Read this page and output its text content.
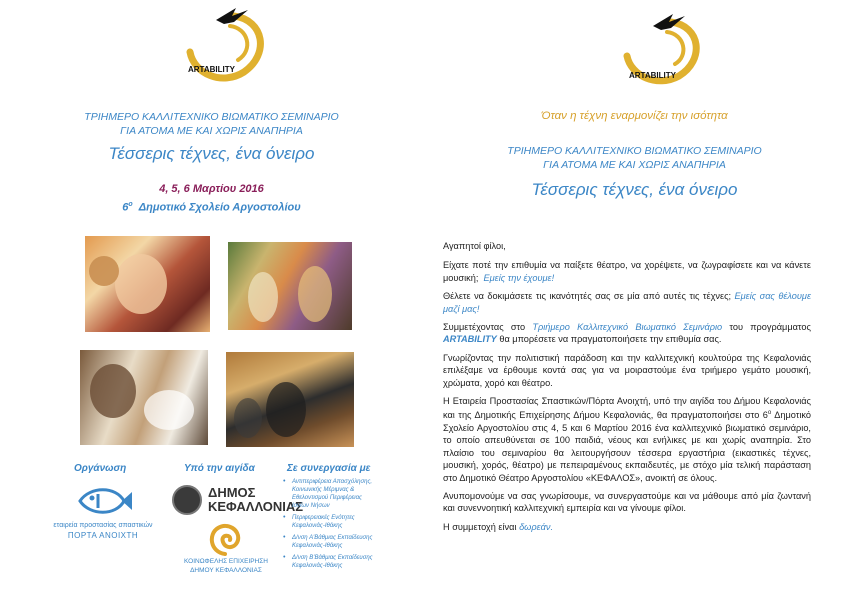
ARTABILITY
ΤΡΙΗΜΕΡΟ ΚΑΛΛΙΤΕΧΝΙΚΟ ΒΙΩΜΑΤΙΚΟ ΣΕΜΙΝΑΡΙΟ
ΓΙΑ ΑΤΟΜΑ ΜΕ ΚΑΙ ΧΩΡΙΣ ΑΝΑΠΗΡΙΑ
Τέσσερις τέχνες, ένα όνειρο
4, 5, 6 Μαρτίου 2016
$6^o$ Δημοτικό Σχολείο Αργοστολίου
Οργάνωση	Υπό την αιγίδα	Σε συνεργασία με
εταιρεία προστασίας σπαστικών
ΠΟΡΤΑ ΑΝΟΙΧΤΗ
ΔΗΜΟΣ
ΚΕΦΑΛΛΟΝΙΑΣ
ΚΟΙΝΩΦΕΛΗΣ ΕΠΙΧΕΙΡΗΣΗ
ΔΗΜΟΥ ΚΕΦΑΛΛΟΝΙΑΣ
• Αντιπεριφέρεια Απασχόλησης,
Κοινωνικής Μέριμνας &
Εθελοντισμού Περιφέρειας
Ιονίων Νήσων
• Περιφερειακές Ενότητες
Κεφαλονιάς-Ιθάκης
• Δ/νση Α'Βάθμιας Εκπαίδευσης
Κεφαλονιάς-Ιθάκης
• Δ/νση Β'Βάθμιας Εκπαίδευσης
Κεφαλονιάς-Ιθάκης
ARTABILITY
Όταν η τέχνη εναρμονίζει την ισότητα
ΤΡΙΗΜΕΡΟ ΚΑΛΛΙΤΕΧΝΙΚΟ ΒΙΩΜΑΤΙΚΟ ΣΕΜΙΝΑΡΙΟ
ΓΙΑ ΑΤΟΜΑ ΜΕ ΚΑΙ ΧΩΡΙΣ ΑΝΑΠΗΡΙΑ
Τέσσερις τέχνες, ένα όνειρο

Αγαπητοί φίλοι,

Είχατε ποτέ την επιθυμία να παίξετε θέατρο, να χορέψετε, να ζωγραφίσετε και να κάνετε μουσική; Εμείς την έχουμε!

Θέλετε να δοκιμάσετε τις ικανότητές σας σε μία από αυτές τις τέχνες; Εμείς σας θέλουμε μαζί μας!

Συμμετέχοντας στο Τριήμερο Καλλιτεχνικό Βιωματικό Σεμινάριο του προγράμματος ARTABILITY θα μπορέσετε να πραγματοποιήσετε την επιθυμία σας.

Γνωρίζοντας την πολιτιστική παράδοση και την καλλιτεχνική κουλτούρα της Κεφαλονιάς επιλέξαμε να έρθουμε κοντά σας για να μοιραστούμε ένα τριήμερο γεμάτο μουσική, χρώματα, χορό και θέατρο.

Η Εταιρεία Προστασίας Σπαστικών/Πόρτα Ανοιχτή, υπό την αιγίδα του Δήμου Κεφαλονιάς και της Δημοτικής Επιχείρησης Δήμου Κεφαλονιάς, θα πραγματοποιήσει στο $6^o$ Δημοτικό Σχολείο Αργοστολίου στις 4, 5 και 6 Μαρτίου 2016 ένα καλλιτεχνικό βιωματικό σεμινάριο, το οποίο απευθύνεται σε 100 παιδιά, νέους και ενήλικες με και χωρίς αναπηρία. Στο πλαίσιο του σεμιναρίου θα λειτουργήσουν τέσσερα εργαστήρια (εικαστικές τέχνες, μουσική, χορός, θέατρο) με πεπειραμένους εκπαιδευτές, με στόχο μία τελική παράσταση στο Δημοτικό Θέατρο Αργοστολίου «ΚΕΦΑΛΟΣ», ανοικτή σε όλους.

Ανυπομονούμε να σας γνωρίσουμε, να συνεργαστούμε και να μάθουμε από μία ζωντανή και συνεννοητική καλλιτεχνική εμπειρία και να γίνουμε φίλοι.

Η συμμετοχή είναι δωρεάν.
